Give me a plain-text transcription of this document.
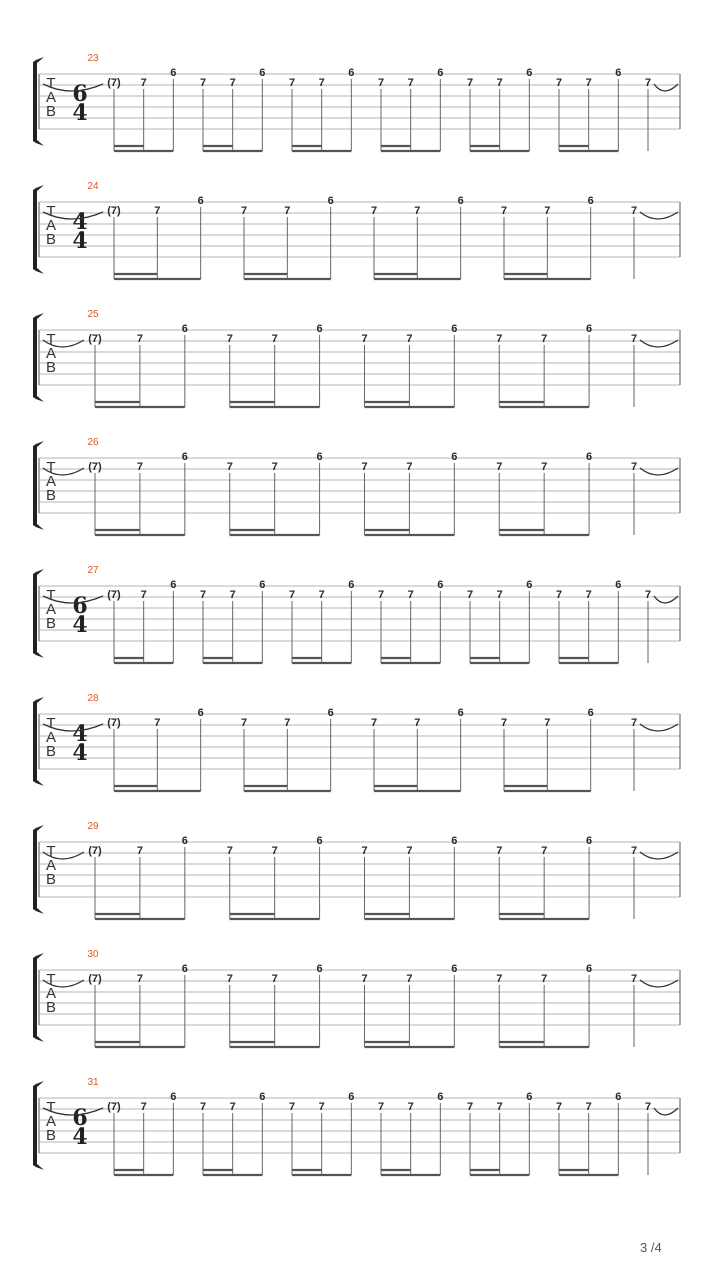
T
A
B
23
6
4
(7) 7
6
7 7
6
7 7
6
7 7
6
7 7
6
7 7
6
7
T
A
B
24
4
4
(7)	7
6
7	7
6
7	7
6
7	7
6
7
T
A
B
25
(7)	7
6
7	7
6
7	7
6
7	7
6
7
T
A
B
26
(7)	7
6
7	7
6
7	7
6
7	7
6
7
T
A
B
27
6
4
(7) 7
6
7 7
6
7 7
6
7 7
6
7 7
6
7 7
6
7
T
A
B
28
4
4
(7)	7
6
7	7
6
7	7
6
7	7
6
7
T
A
B
29
(7)	7
6
7	7
6
7	7
6
7	7
6
7
T
A
B
30
(7)	7
6
7	7
6
7	7
6
7	7
6
7
T
A
B
31
6
4
(7) 7
6
7 7
6
7 7
6
7 7
6
7 7
6
7 7
6
7
3 /4
